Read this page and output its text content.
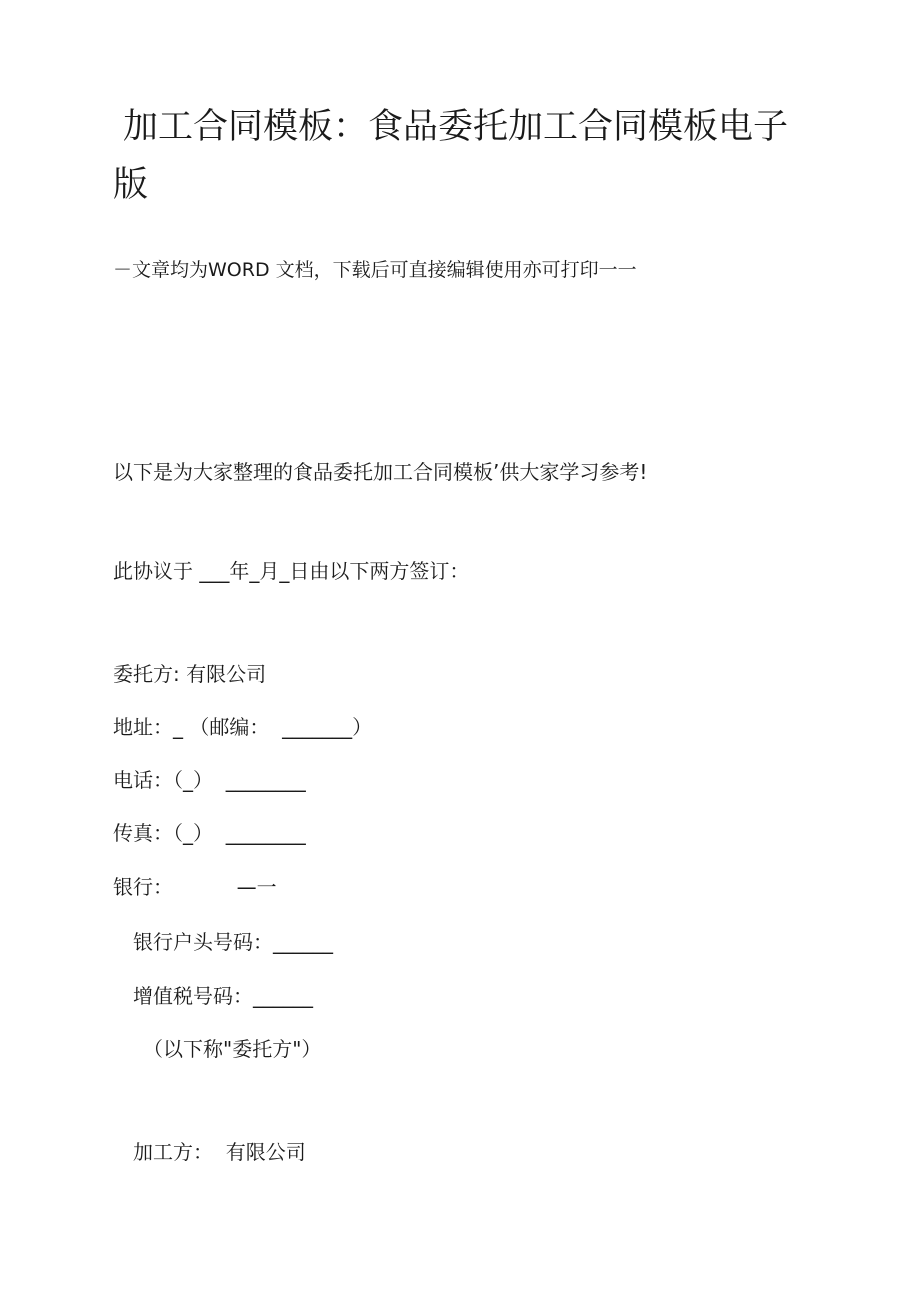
加工合同模板：食品委托加工合同模板电子版
－文章均为WORD 文档，下载后可直接编辑使用亦可打印一一
以下是为大家整理的食品委托加工合同模板’供大家学习参考!
此协议于 ___年_月_日由以下两方签订：
委托方: 有限公司
地址：_ （邮编：  _______）
电话：（_）  ________
传真：（_）  ________
银行：          —一
银行户头号码：______
增值税号码：______
（以下称"委托方"）
加工方：  有限公司
